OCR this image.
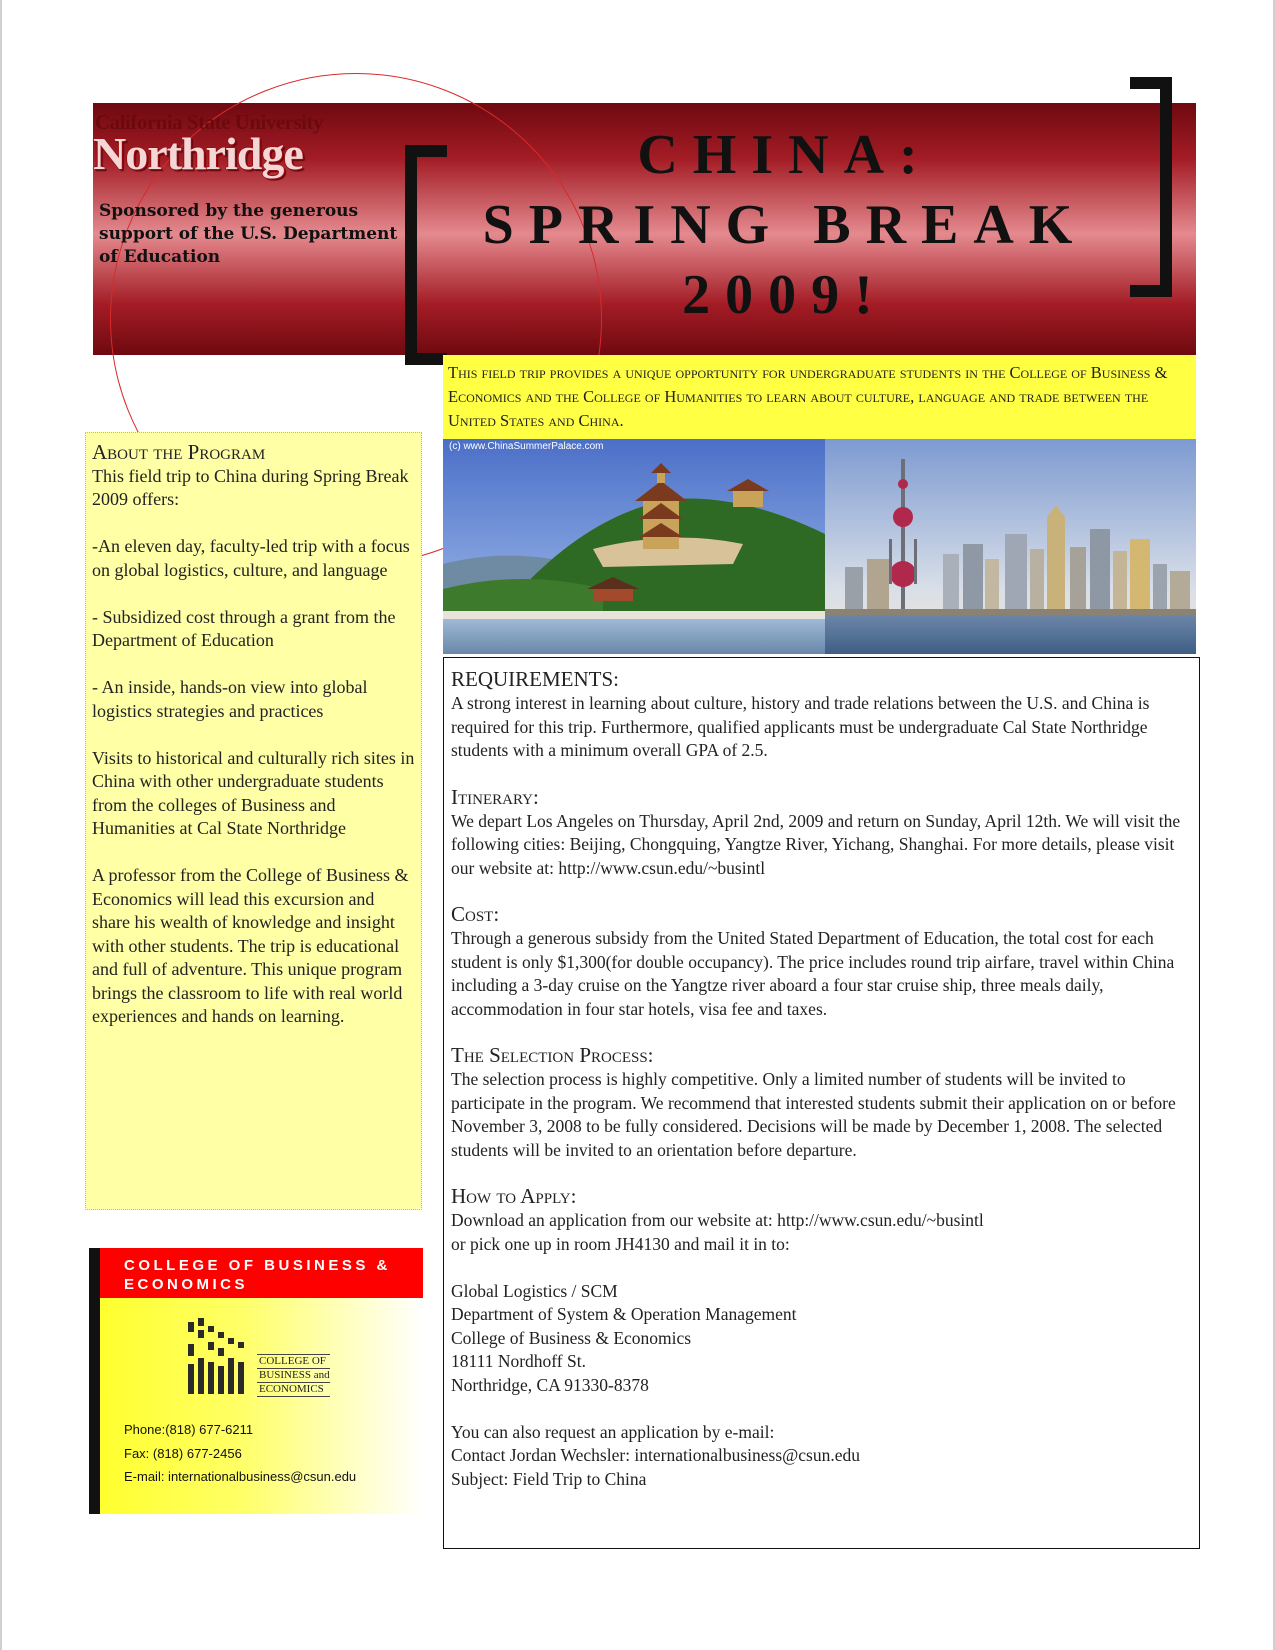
California State University
Northridge
Sponsored by the generous support of the U.S. Department of Education
CHINA:
SPRING BREAK
2009!
This field trip provides a unique opportunity for undergraduate students in the College of Business & Economics and the College of Humanities to learn about culture, language and trade between the United States and China.
(c) www.ChinaSummerPalace.com
About the Program

This field trip to China during Spring Break 2009 offers:

-An eleven day, faculty-led trip with a focus on global logistics, culture, and language

- Subsidized cost through a grant from the Department of Education

- An inside, hands-on view into global logistics strategies and practices

Visits to historical and culturally rich sites in China with other undergraduate students from the colleges of Business and Humanities at Cal State Northridge

A professor from the College of Business & Economics will lead this excursion and share his wealth of knowledge and insight with other students. The trip is educational and full of adventure. This unique program brings the classroom to life with real world experiences and hands on learning.

REQUIREMENTS:

A strong interest in learning about culture, history and trade relations between the U.S. and China is required for this trip. Furthermore, qualified applicants must be undergraduate Cal State Northridge students with a minimum overall GPA of 2.5.

Itinerary:

We depart Los Angeles on Thursday, April 2nd, 2009 and return on Sunday, April 12th. We will visit the following cities: Beijing, Chongquing, Yangtze River, Yichang, Shanghai. For more details, please visit our website at: http://www.csun.edu/~busintl

Cost:

Through a generous subsidy from the United Stated Department of Education, the total cost for each student is only $1,300(for double occupancy). The price includes round trip airfare, travel within China including a 3-day cruise on the Yangtze river aboard a four star cruise ship, three meals daily, accommodation in four star hotels, visa fee and taxes.

The Selection Process:

The selection process is highly competitive. Only a limited number of students will be invited to participate in the program. We recommend that interested students submit their application on or before November 3, 2008 to be fully considered. Decisions will be made by December 1, 2008. The selected students will be invited to an orientation before departure.

How to Apply:

Download an application from our website at: http://www.csun.edu/~busintl

or pick one up in room JH4130 and mail it in to:

Global Logistics / SCM

Department of System & Operation Management

College of Business & Economics

18111 Nordhoff St.

Northridge, CA 91330-8378

You can also request an application by e-mail:

Contact Jordan Wechsler: internationalbusiness@csun.edu

Subject: Field Trip to China

COLLEGE OF BUSINESS & ECONOMICS
COLLEGE OF
BUSINESS and
ECONOMICS
Phone:(818) 677-6211
Fax: (818) 677-2456
E-mail: internationalbusiness@csun.edu
